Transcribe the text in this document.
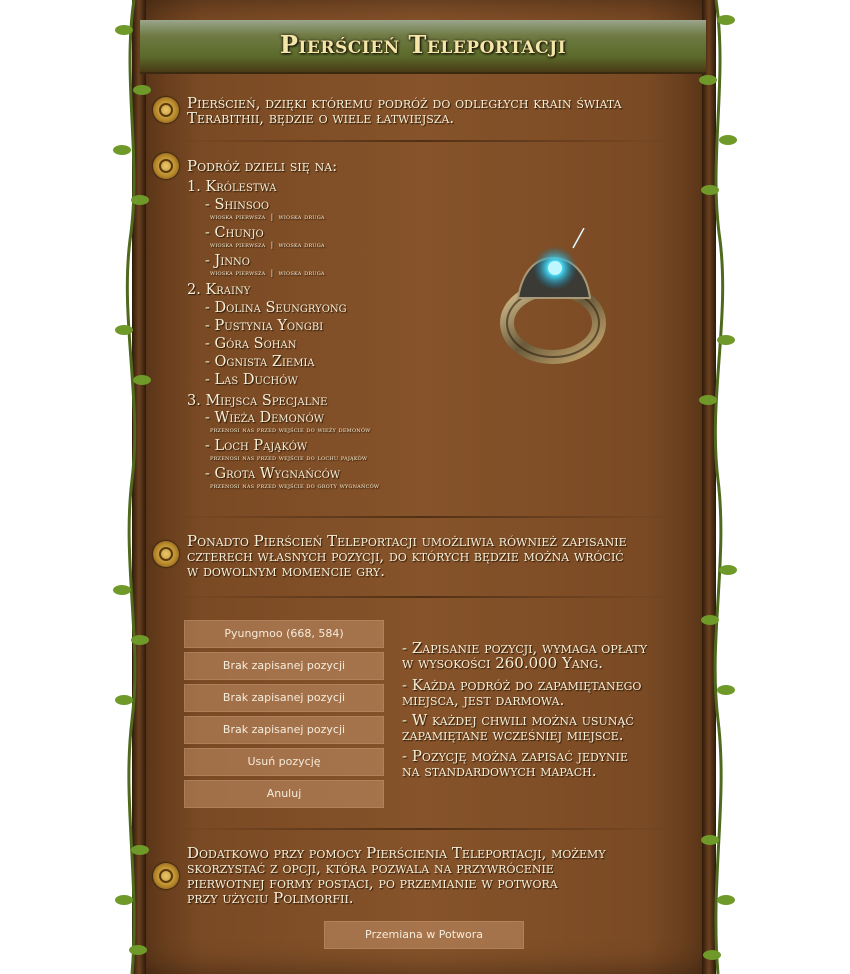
Pierścień Teleportacji
Pierścień, dzięki któremu podróż do odległych krain świata
Terabithii, będzie o wiele łatwiejsza.
Podróż dzieli się na:
1. Królestwa
- Shinsoo
wioska pierwsza | wioska druga
- Chunjo
wioska pierwsza | wioska druga
- Jinno
wioska pierwsza | wioska druga
2. Krainy
- Dolina Seungryong
- Pustynia Yongbi
- Góra Sohan
- Ognista Ziemia
- Las Duchów
3. Miejsca Specjalne
- Wieża Demonów
przenosi nas przed wejście do wieży demonów
- Loch Pająków
przenosi nas przed wejście do lochu pająków
- Grota Wygnańców
przenosi nas przed wejście do groty wygnańców
Ponadto Pierścień Teleportacji umożliwia również zapisanie
czterech własnych pozycji, do których będzie można wrócić
w dowolnym momencie gry.
Pyungmoo (668, 584)
Brak zapisanej pozycji
Brak zapisanej pozycji
Brak zapisanej pozycji
Usuń pozycję
Anuluj
- Zapisanie pozycji, wymaga opłaty
w wysokości 260.000 Yang.
- Każda podróż do zapamiętanego
miejsca, jest darmowa.
- W każdej chwili można usunąć
zapamiętane wcześniej miejsce.
- Pozycję można zapisać jedynie
na standardowych mapach.
Dodatkowo przy pomocy Pierścienia Teleportacji, możemy
skorzystać z opcji, która pozwala na przywrócenie
pierwotnej formy postaci, po przemianie w potwora
przy użyciu Polimorfii.
Przemiana w Potwora
